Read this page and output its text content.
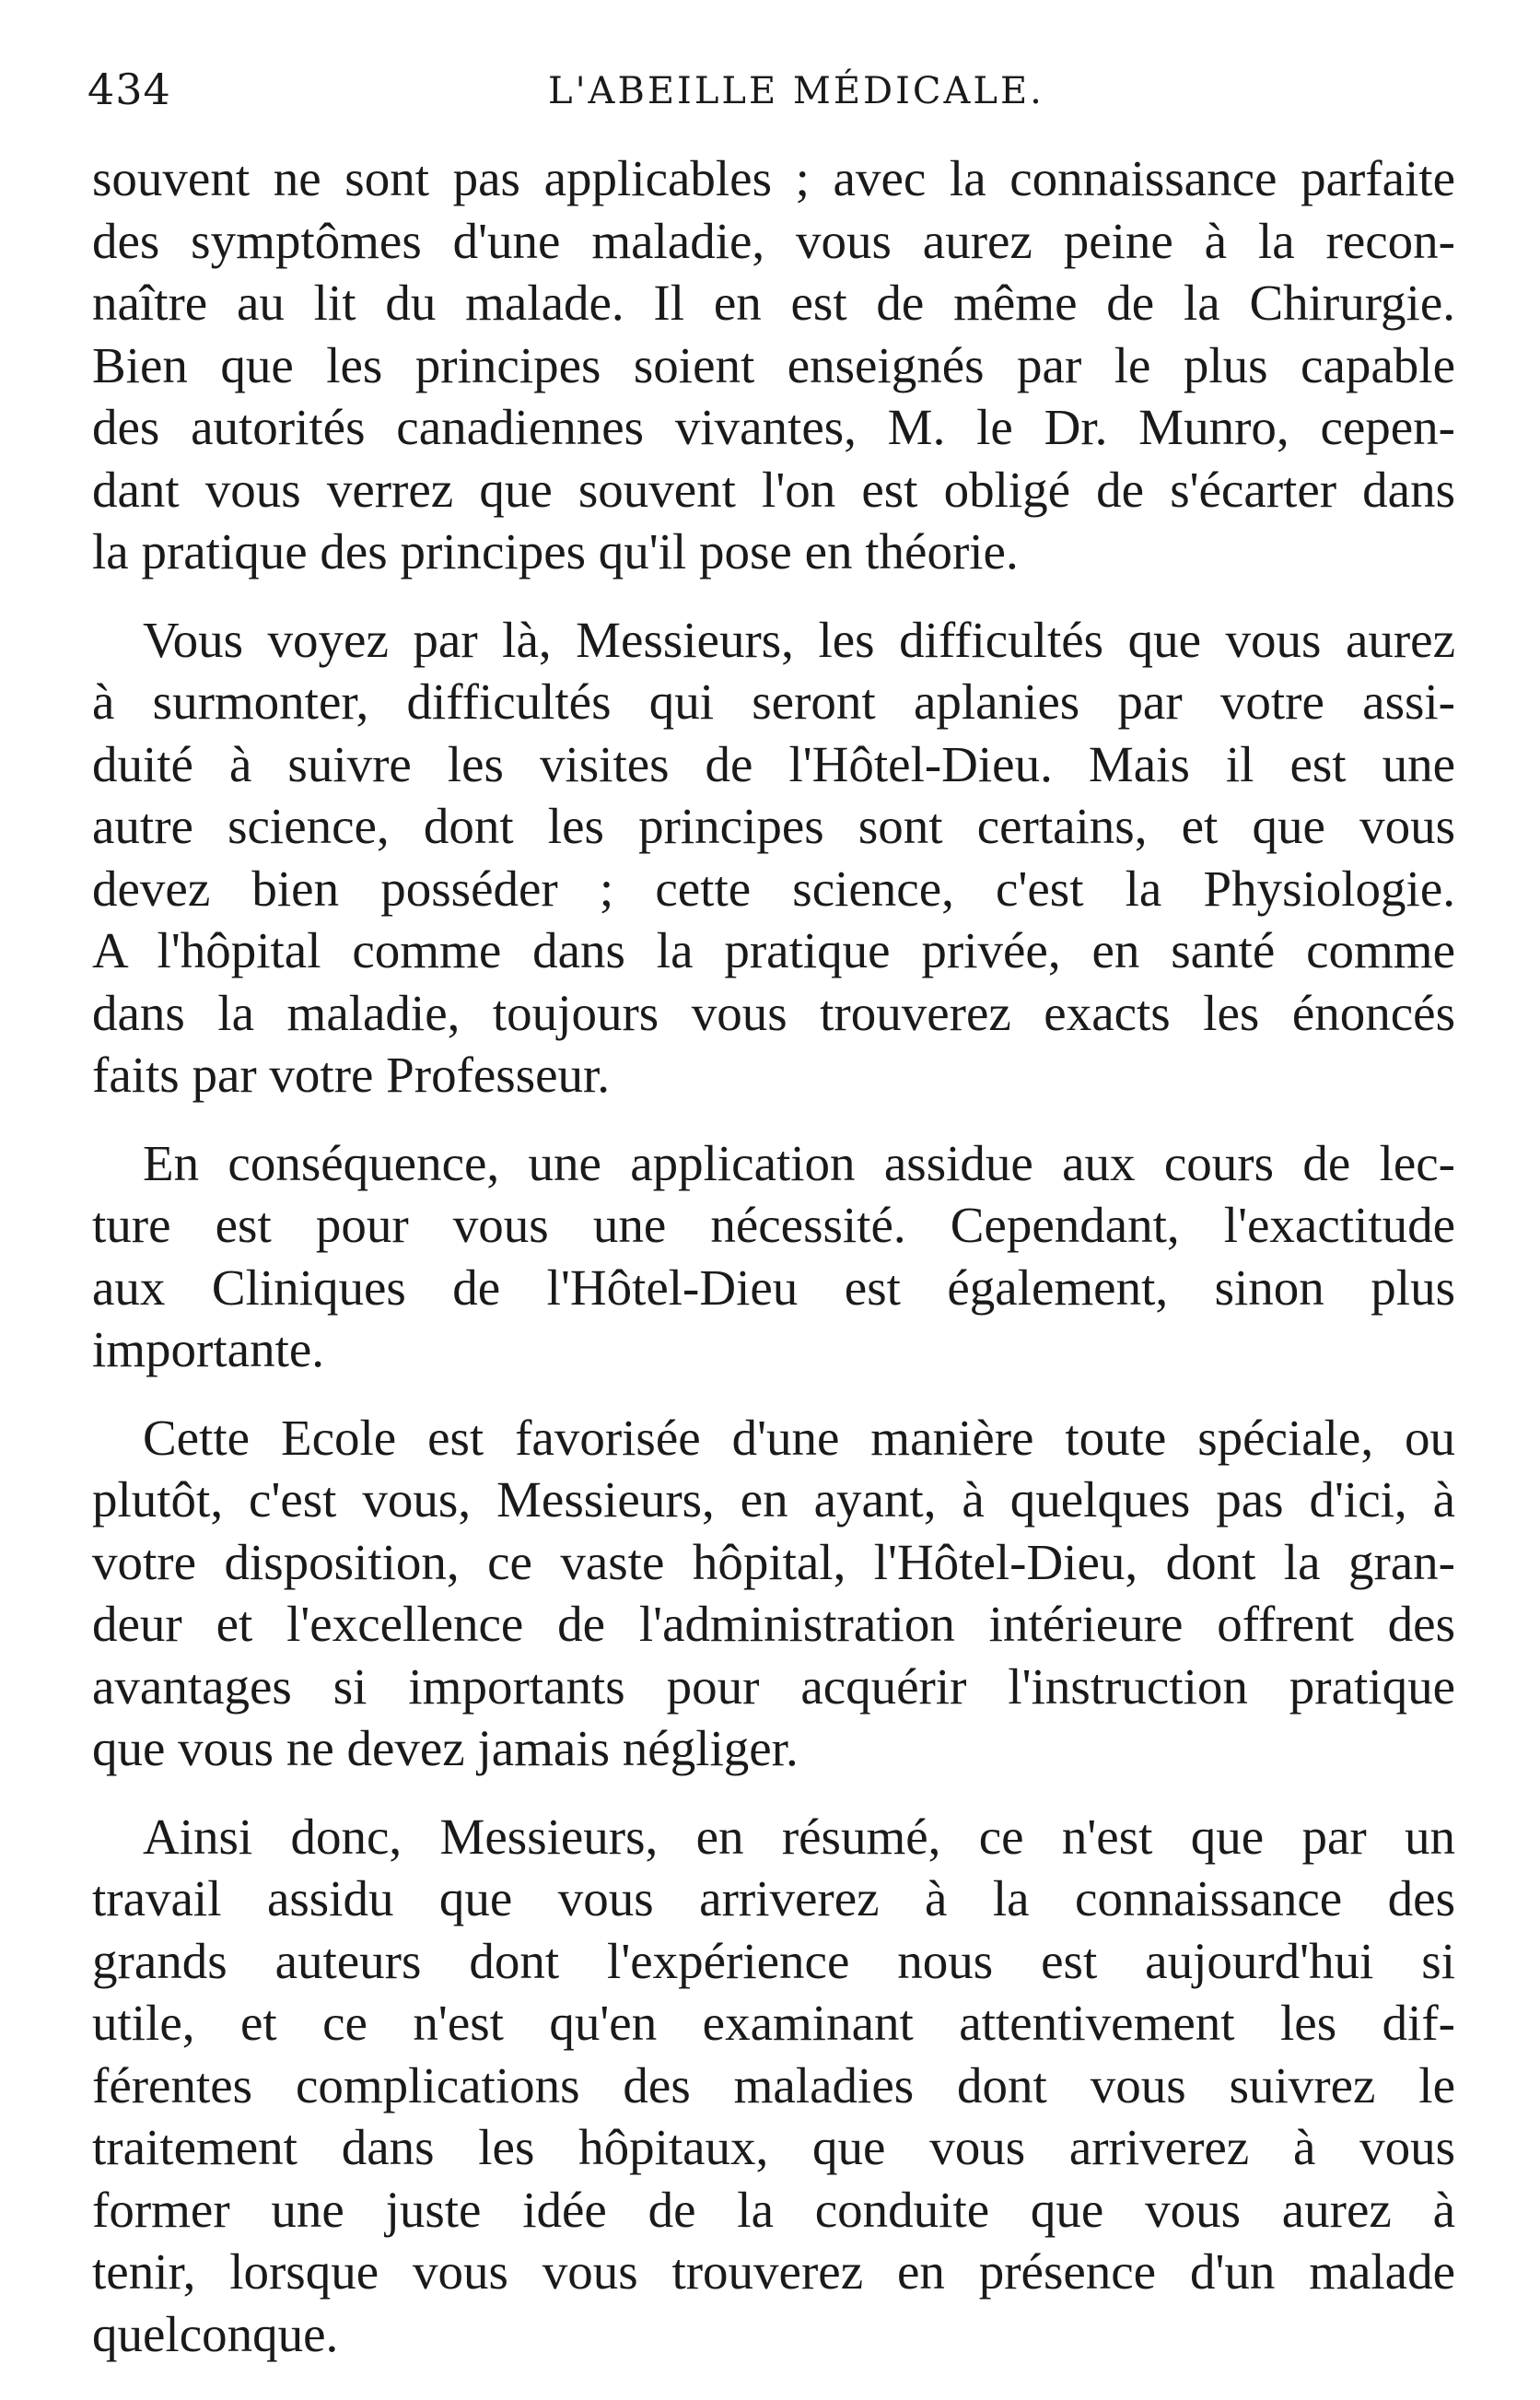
434	L'ABEILLE MÉDICALE.
souvent ne sont pas applicables ; avec la connaissance parfaite
des symptômes d'une maladie, vous aurez peine à la recon-
naître au lit du malade. Il en est de même de la Chirurgie.
Bien que les principes soient enseignés par le plus capable
des autorités canadiennes vivantes, M. le Dr. Munro, cepen-
dant vous verrez que souvent l'on est obligé de s'écarter dans
la pratique des principes qu'il pose en théorie.
Vous voyez par là, Messieurs, les difficultés que vous aurez
à surmonter, difficultés qui seront aplanies par votre assi-
duité à suivre les visites de l'Hôtel-Dieu. Mais il est une
autre science, dont les principes sont certains, et que vous
devez bien posséder ; cette science, c'est la Physiologie.
A l'hôpital comme dans la pratique privée, en santé comme
dans la maladie, toujours vous trouverez exacts les énoncés
faits par votre Professeur.
En conséquence, une application assidue aux cours de lec-
ture est pour vous une nécessité. Cependant, l'exactitude
aux Cliniques de l'Hôtel-Dieu est également, sinon plus
importante.
Cette Ecole est favorisée d'une manière toute spéciale, ou
plutôt, c'est vous, Messieurs, en ayant, à quelques pas d'ici, à
votre disposition, ce vaste hôpital, l'Hôtel-Dieu, dont la gran-
deur et l'excellence de l'administration intérieure offrent des
avantages si importants pour acquérir l'instruction pratique
que vous ne devez jamais négliger.
Ainsi donc, Messieurs, en résumé, ce n'est que par un
travail assidu que vous arriverez à la connaissance des
grands auteurs dont l'expérience nous est aujourd'hui si
utile, et ce n'est qu'en examinant attentivement les dif-
férentes complications des maladies dont vous suivrez le
traitement dans les hôpitaux, que vous arriverez à vous
former une juste idée de la conduite que vous aurez à
tenir, lorsque vous vous trouverez en présence d'un malade
quelconque.
